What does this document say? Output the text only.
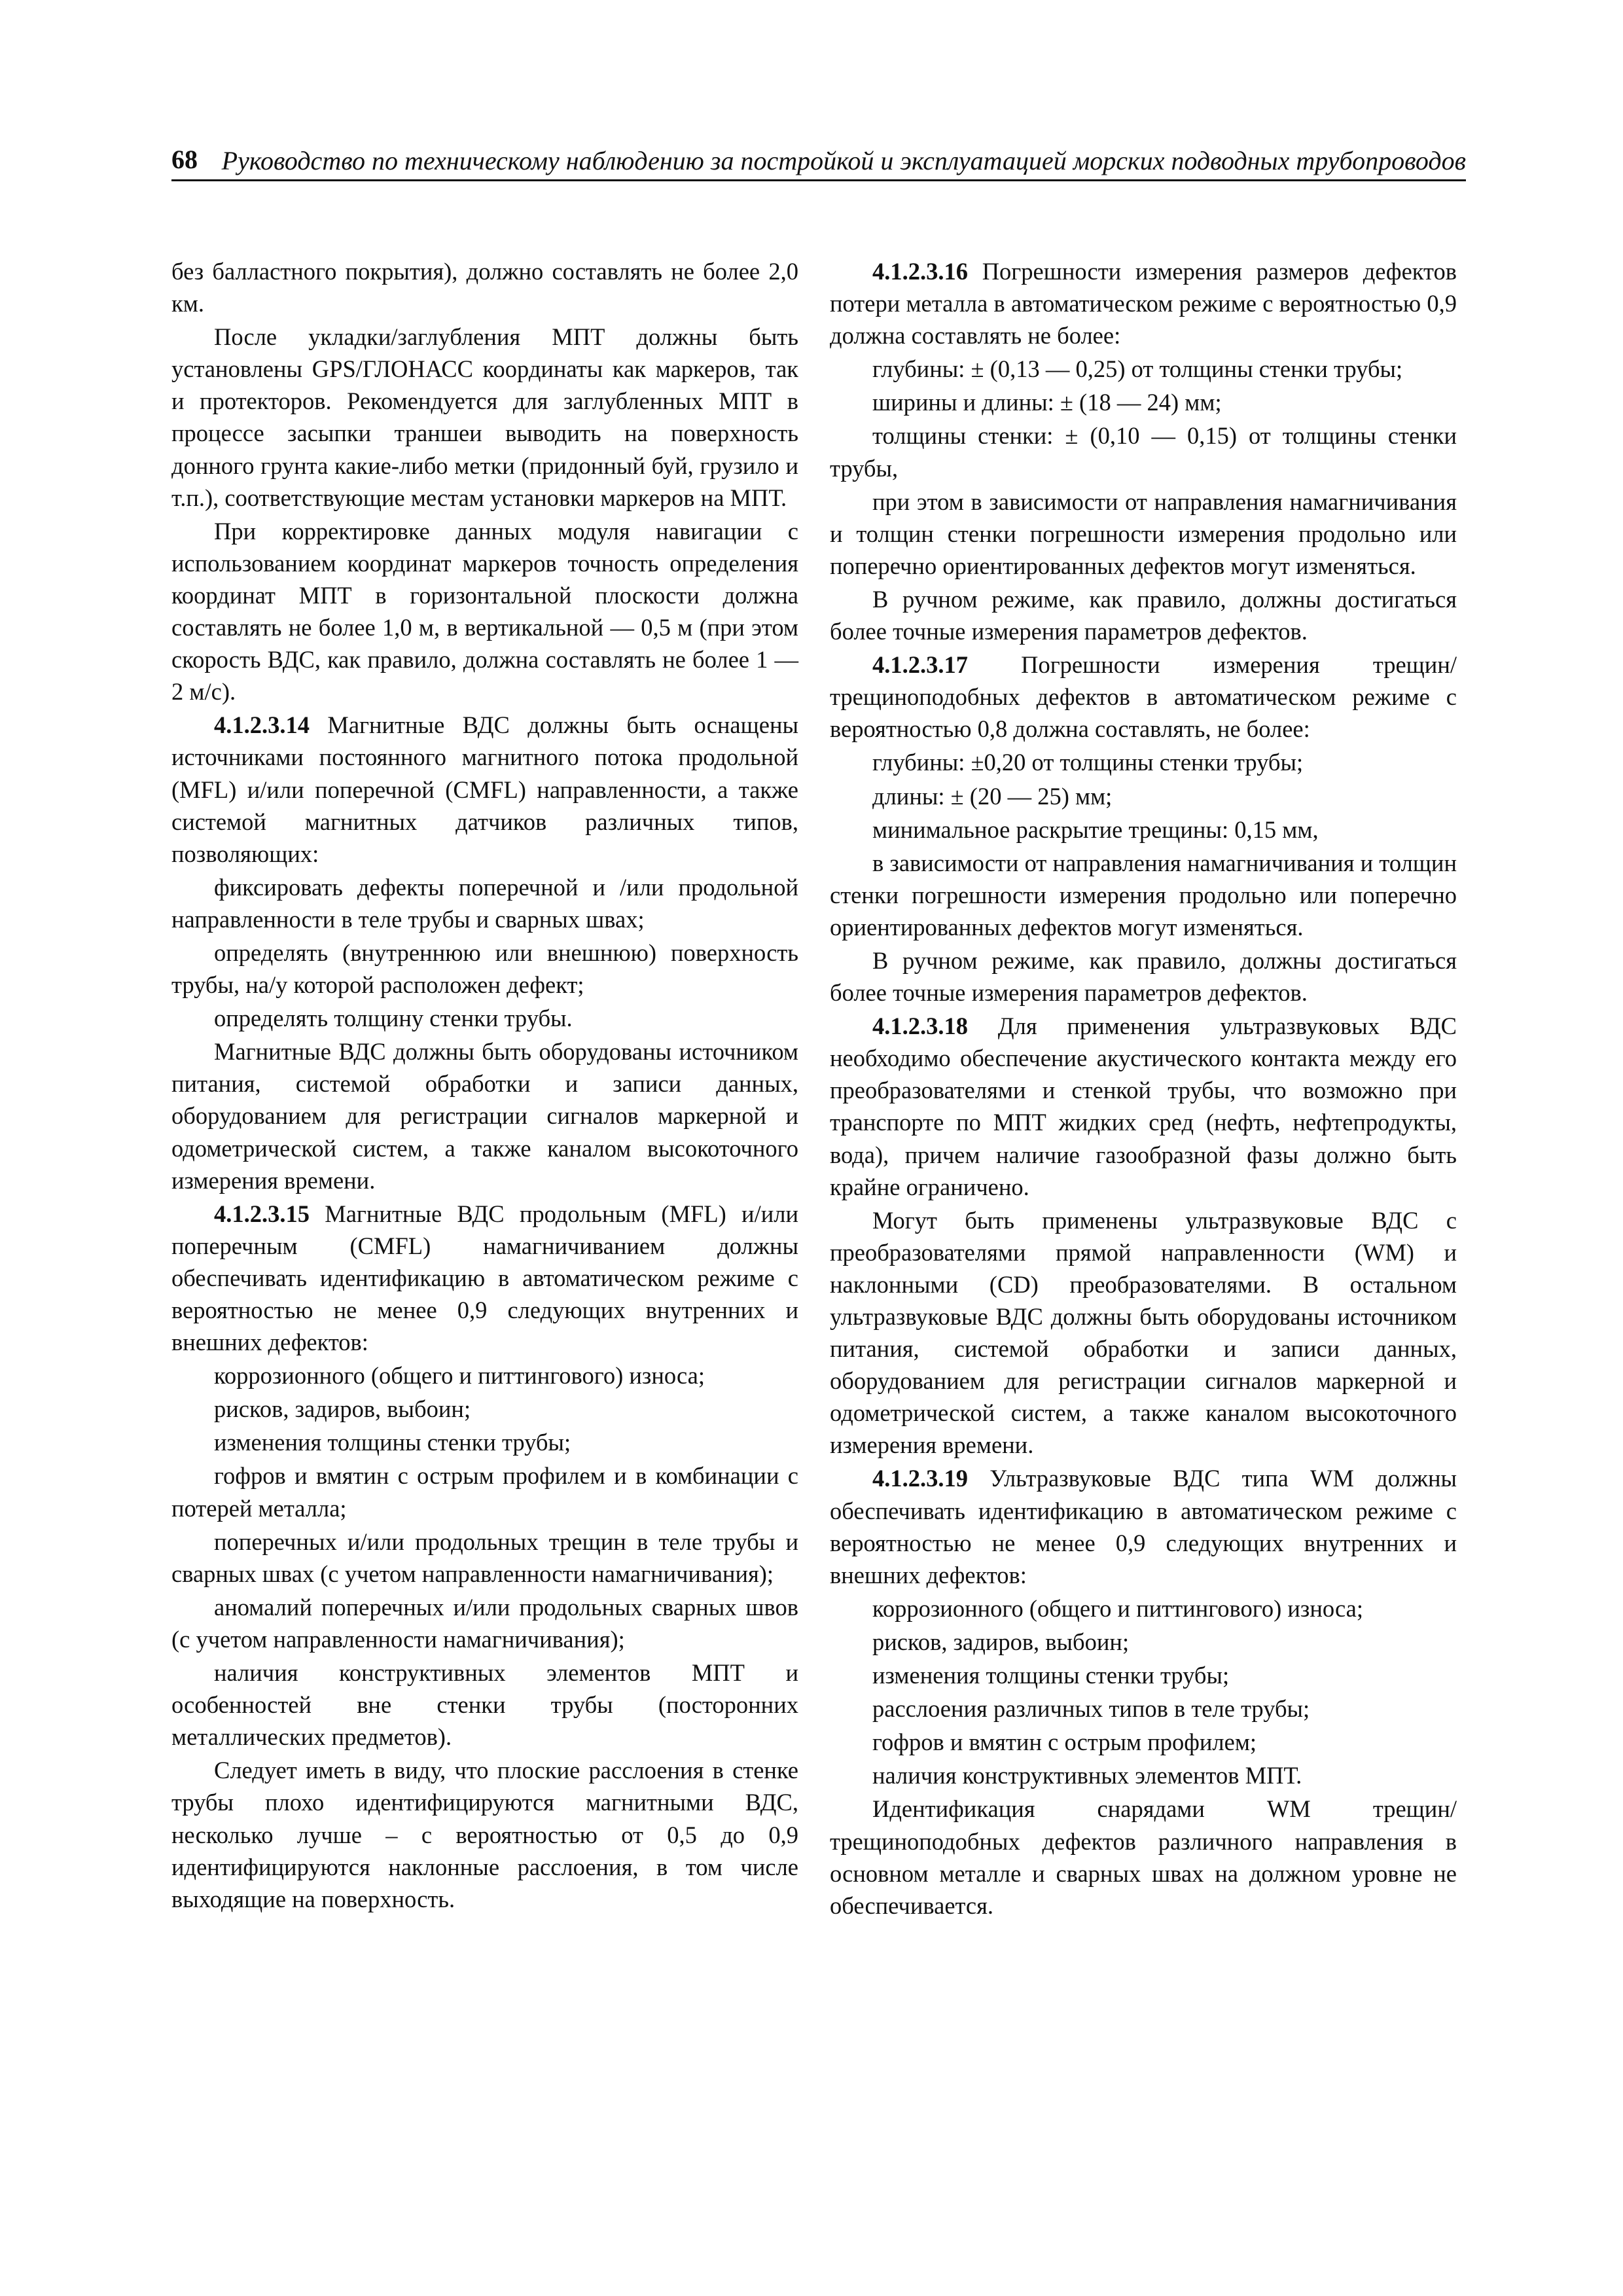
68 Руководство по техническому наблюдению за постройкой и эксплуатацией морских подводных трубопроводов

без балластного покрытия), должно составлять не более 2,0 км.

После укладки/заглубления МПТ должны быть установлены GPS/ГЛОНАСС координаты как маркеров, так и протекторов. Рекомендуется для заглубленных МПТ в процессе засыпки траншеи выводить на поверхность донного грунта какие-либо метки (придонный буй, грузило и т.п.), соответствующие местам установки маркеров на МПТ.

При корректировке данных модуля навигации с использованием координат маркеров точность определения координат МПТ в горизонтальной плоскости должна составлять не более 1,0 м, в вертикальной — 0,5 м (при этом скорость ВДС, как правило, должна составлять не более 1 — 2 м/с).

4.1.2.3.14 Магнитные ВДС должны быть оснащены источниками постоянного магнитного потока продольной (MFL) и/или поперечной (CMFL) направленности, а также системой магнитных датчиков различных типов, позволяющих:

фиксировать дефекты поперечной и /или продольной направленности в теле трубы и сварных швах;

определять (внутреннюю или внешнюю) поверхность трубы, на/у которой расположен дефект;

определять толщину стенки трубы.

Магнитные ВДС должны быть оборудованы источником питания, системой обработки и записи данных, оборудованием для регистрации сигналов маркерной и одометрической систем, а также каналом высокоточного измерения времени.

4.1.2.3.15 Магнитные ВДС продольным (MFL) и/или поперечным (CMFL) намагничиванием должны обеспечивать идентификацию в автоматическом режиме с вероятностью не менее 0,9 следующих внутренних и внешних дефектов:

коррозионного (общего и питтингового) износа;

рисков, задиров, выбоин;

изменения толщины стенки трубы;

гофров и вмятин с острым профилем и в комбинации с потерей металла;

поперечных и/или продольных трещин в теле трубы и сварных швах (с учетом направленности намагничивания);

аномалий поперечных и/или продольных сварных швов (с учетом направленности намагничивания);

наличия конструктивных элементов МПТ и особенностей вне стенки трубы (посторонних металлических предметов).

Следует иметь в виду, что плоские расслоения в стенке трубы плохо идентифицируются магнитными ВДС, несколько лучше – с вероятностью от 0,5 до 0,9 идентифицируются наклонные расслоения, в том числе выходящие на поверхность.

4.1.2.3.16 Погрешности измерения размеров дефектов потери металла в автоматическом режиме с вероятностью 0,9 должна составлять не более:

глубины: ± (0,13 — 0,25) от толщины стенки трубы;

ширины и длины: ± (18 — 24) мм;

толщины стенки: ± (0,10 — 0,15) от толщины стенки трубы,

при этом в зависимости от направления намагничивания и толщин стенки погрешности измерения продольно или поперечно ориентированных дефектов могут изменяться.

В ручном режиме, как правило, должны достигаться более точные измерения параметров дефектов.

4.1.2.3.17 Погрешности измерения трещин/трещиноподобных дефектов в автоматическом режиме с вероятностью 0,8 должна составлять, не более:

глубины: ±0,20 от толщины стенки трубы;

длины: ± (20 — 25) мм;

минимальное раскрытие трещины: 0,15 мм,

в зависимости от направления намагничивания и толщин стенки погрешности измерения продольно или поперечно ориентированных дефектов могут изменяться.

В ручном режиме, как правило, должны достигаться более точные измерения параметров дефектов.

4.1.2.3.18 Для применения ультразвуковых ВДС необходимо обеспечение акустического контакта между его преобразователями и стенкой трубы, что возможно при транспорте по МПТ жидких сред (нефть, нефтепродукты, вода), причем наличие газообразной фазы должно быть крайне ограничено.

Могут быть применены ультразвуковые ВДС с преобразователями прямой направленности (WM) и наклонными (CD) преобразователями. В остальном ультразвуковые ВДС должны быть оборудованы источником питания, системой обработки и записи данных, оборудованием для регистрации сигналов маркерной и одометрической систем, а также каналом высокоточного измерения времени.

4.1.2.3.19 Ультразвуковые ВДС типа WM должны обеспечивать идентификацию в автоматическом режиме с вероятностью не менее 0,9 следующих внутренних и внешних дефектов:

коррозионного (общего и питтингового) износа;

рисков, задиров, выбоин;

изменения толщины стенки трубы;

расслоения различных типов в теле трубы;

гофров и вмятин с острым профилем;

наличия конструктивных элементов МПТ.

Идентификация снарядами WM трещин/трещиноподобных дефектов различного направления в основном металле и сварных швах на должном уровне не обеспечивается.
